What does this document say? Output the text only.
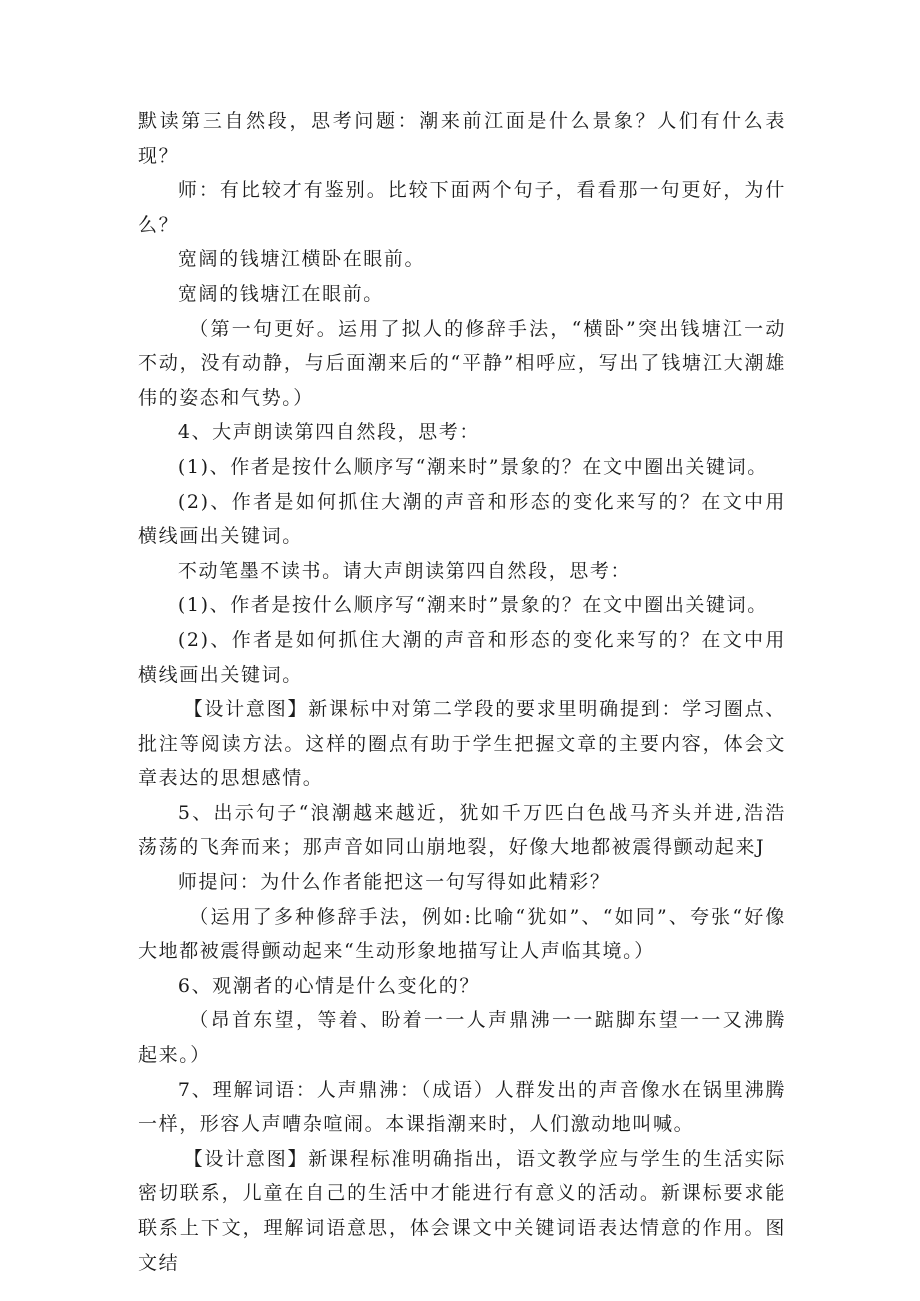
默读第三自然段，思考问题：潮来前江面是什么景象？人们有什么表现？

师：有比较才有鉴别。比较下面两个句子，看看那一句更好，为什么？

宽阔的钱塘江横卧在眼前。

宽阔的钱塘江在眼前。

（第一句更好。运用了拟人的修辞手法，“横卧”突出钱塘江一动不动，没有动静，与后面潮来后的“平静”相呼应，写出了钱塘江大潮雄伟的姿态和气势。）

4、大声朗读第四自然段，思考：

(1)、作者是按什么顺序写“潮来时”景象的？在文中圈出关键词。

(2)、作者是如何抓住大潮的声音和形态的变化来写的？在文中用横线画出关键词。

不动笔墨不读书。请大声朗读第四自然段，思考：

(1)、作者是按什么顺序写“潮来时”景象的？在文中圈出关键词。

(2)、作者是如何抓住大潮的声音和形态的变化来写的？在文中用横线画出关键词。

【设计意图】新课标中对第二学段的要求里明确提到：学习圈点、批注等阅读方法。这样的圈点有助于学生把握文章的主要内容，体会文章表达的思想感情。

5、出示句子“浪潮越来越近，犹如千万匹白色战马齐头并进,浩浩荡荡的飞奔而来；那声音如同山崩地裂，好像大地都被震得颤动起来J

师提问：为什么作者能把这一句写得如此精彩？

（运用了多种修辞手法，例如:比喻“犹如”、“如同”、夸张“好像大地都被震得颤动起来“生动形象地描写让人声临其境。）

6、观潮者的心情是什么变化的？

（昂首东望，等着、盼着一一人声鼎沸一一踮脚东望一一又沸腾起来。）

7、理解词语：人声鼎沸：（成语）人群发出的声音像水在锅里沸腾一样，形容人声嘈杂喧闹。本课指潮来时，人们激动地叫喊。

【设计意图】新课程标准明确指出，语文教学应与学生的生活实际密切联系，儿童在自己的生活中才能进行有意义的活动。新课标要求能联系上下文，理解词语意思，体会课文中关键词语表达情意的作用。图文结
